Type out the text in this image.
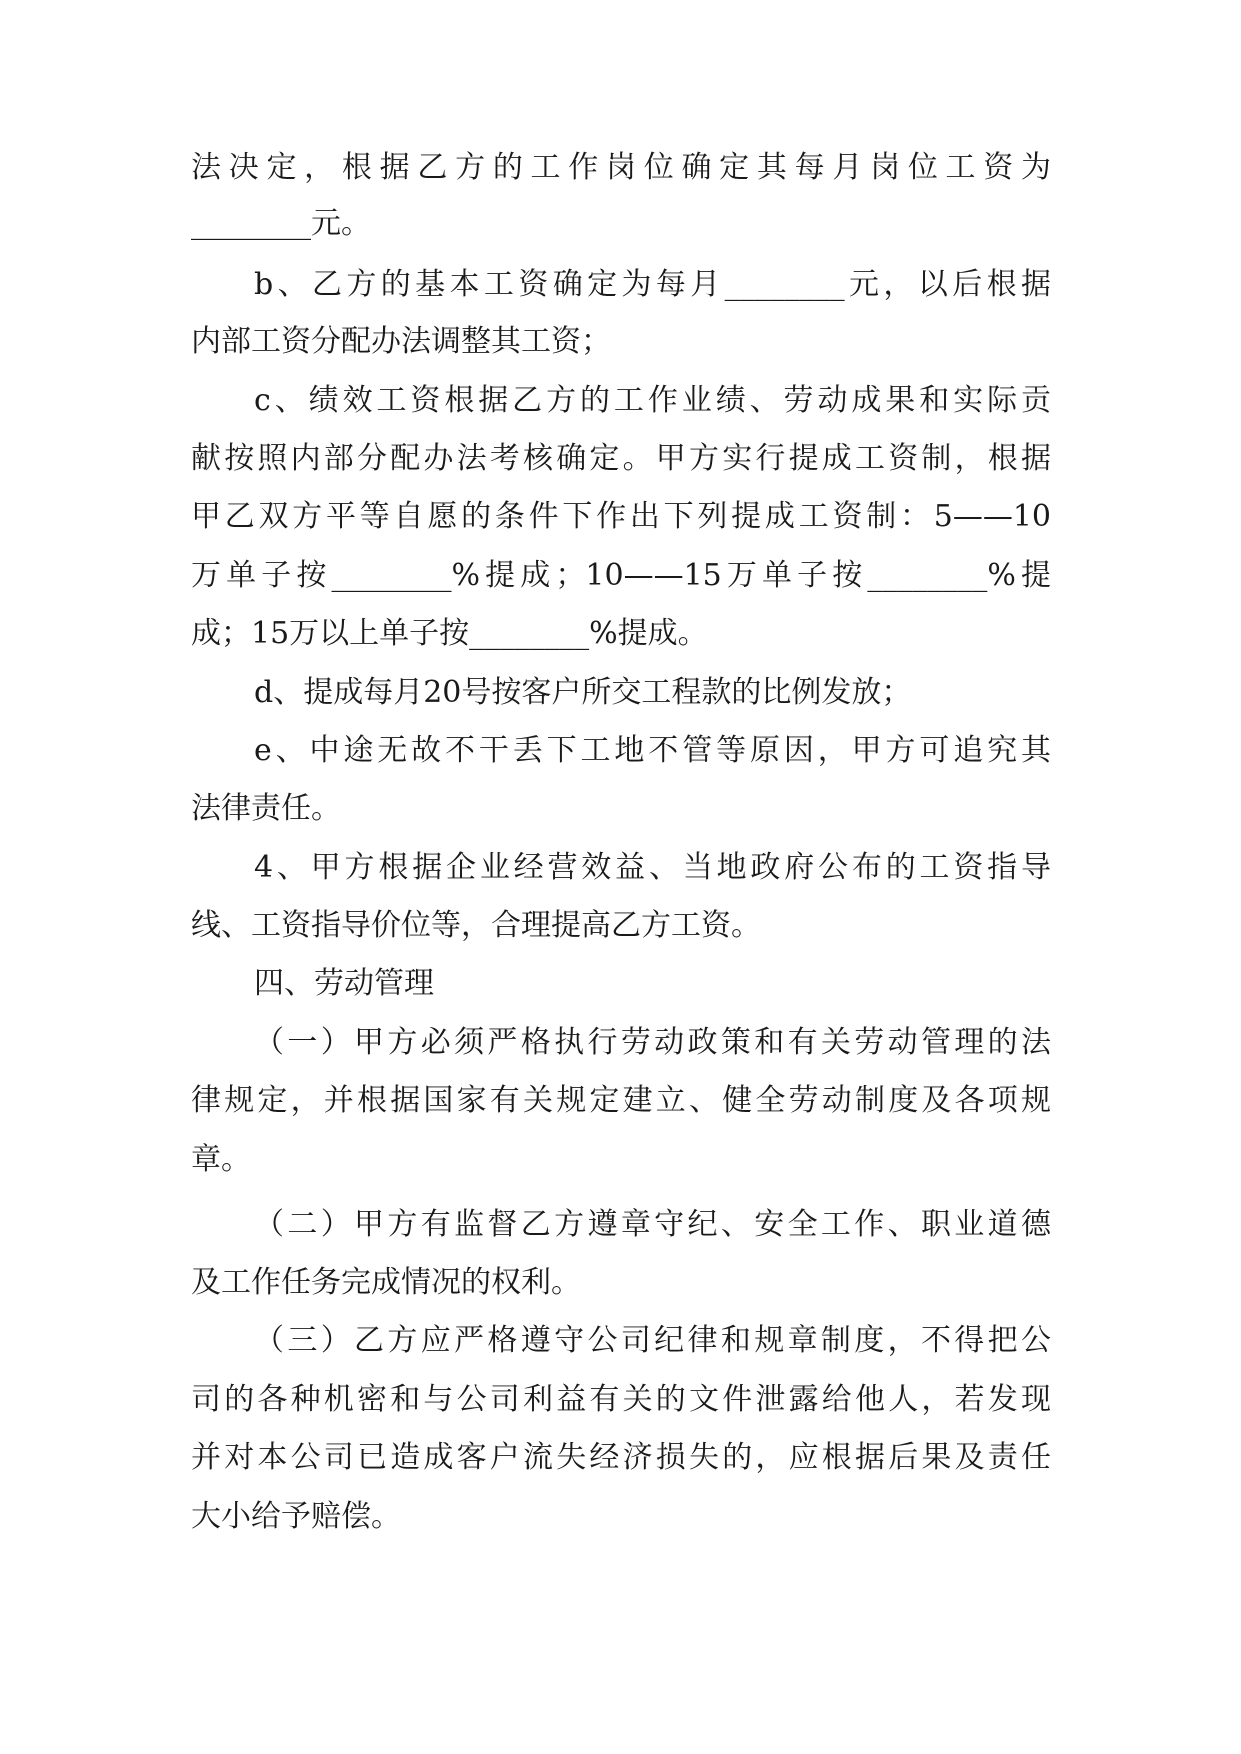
法决定，根据乙方的工作岗位确定其每月岗位工资为
________元。
b、乙方的基本工资确定为每月________元，以后根据
内部工资分配办法调整其工资；
c、绩效工资根据乙方的工作业绩、劳动成果和实际贡
献按照内部分配办法考核确定。甲方实行提成工资制，根据
甲乙双方平等自愿的条件下作出下列提成工资制：5——10
万单子按________%提成；10——15万单子按________%提
成；15万以上单子按________%提成。
d、提成每月20号按客户所交工程款的比例发放；
e、中途无故不干丢下工地不管等原因，甲方可追究其
法律责任。
4、甲方根据企业经营效益、当地政府公布的工资指导
线、工资指导价位等，合理提高乙方工资。
四、劳动管理
（一）甲方必须严格执行劳动政策和有关劳动管理的法
律规定，并根据国家有关规定建立、健全劳动制度及各项规
章。
（二）甲方有监督乙方遵章守纪、安全工作、职业道德
及工作任务完成情况的权利。
（三）乙方应严格遵守公司纪律和规章制度，不得把公
司的各种机密和与公司利益有关的文件泄露给他人，若发现
并对本公司已造成客户流失经济损失的，应根据后果及责任
大小给予赔偿。
